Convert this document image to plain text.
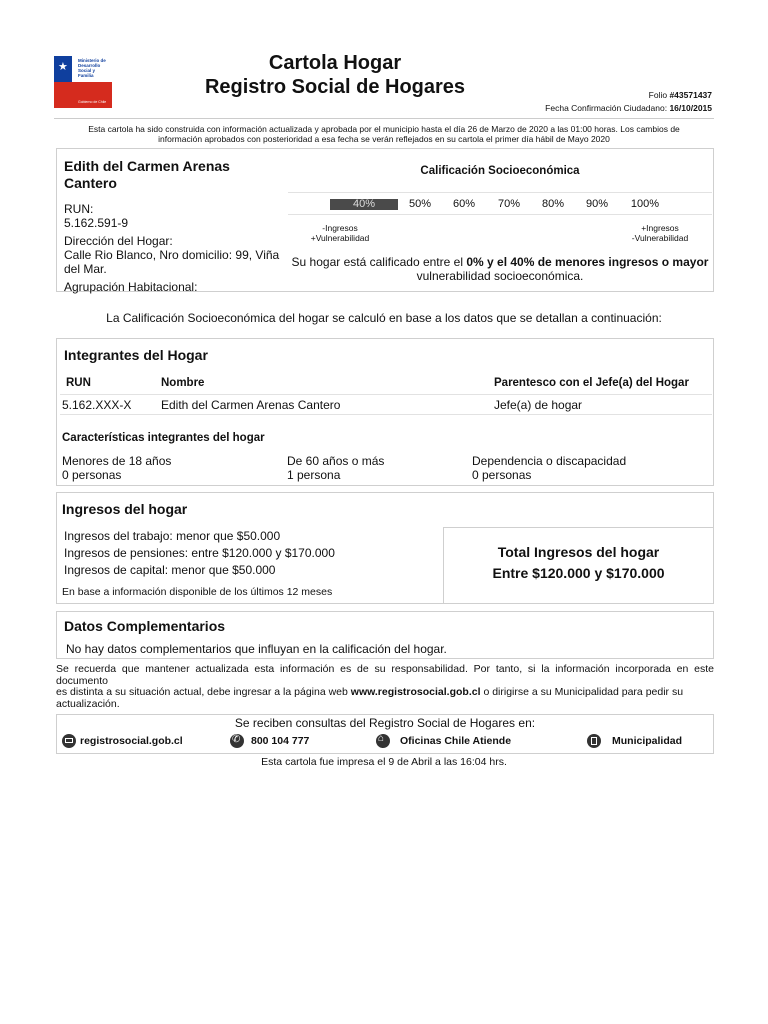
★
Ministerio de
Desarrollo
Social y
Familia
Gobierno de Chile
Cartola Hogar
Registro Social de Hogares	Folio #43571437
Fecha Confirmación Ciudadano: 16/10/2015
Esta cartola ha sido construida con información actualizada y aprobada por el municipio hasta el día 26 de Marzo de 2020 a las 01:00 horas. Los cambios de
información aprobados con posterioridad a esa fecha se verán reflejados en su cartola el primer día hábil de Mayo 2020
Edith del Carmen Arenas
Cantero
RUN:
5.162.591-9
Dirección del Hogar:
Calle Rio Blanco, Nro domicilio: 99, Viña
del Mar.
Agrupación Habitacional:
Calificación Socioeconómica
40%	50%	60%	70%	80%	90%	100%
-Ingresos
+Vulnerabilidad
+Ingresos
-Vulnerabilidad
Su hogar está calificado entre el 0% y el 40% de menores ingresos o mayor
vulnerabilidad socioeconómica.
La Calificación Socioeconómica del hogar se calculó en base a los datos que se detallan a continuación:
Integrantes del Hogar
RUN	Nombre	Parentesco con el Jefe(a) del Hogar
5.162.XXX-X Edith del Carmen Arenas Cantero	Jefe(a) de hogar
Características integrantes del hogar
Menores de 18 años
0 personas
De 60 años o más
1 persona
Dependencia o discapacidad
0 personas
Ingresos del hogar
Ingresos del trabajo: menor que $50.000
Ingresos de pensiones: entre $120.000 y $170.000
Ingresos de capital: menor que $50.000
En base a información disponible de los últimos 12 meses
Total Ingresos del hogar
Entre $120.000 y $170.000
Datos Complementarios
No hay datos complementarios que influyan en la calificación del hogar.
Se recuerda que mantener actualizada esta información es de su responsabilidad. Por tanto, si la información incorporada en este documento
es distinta a su situación actual, debe ingresar a la página web www.registrosocial.gob.cl o dirigirse a su Municipalidad para pedir su
actualización.
Se reciben consultas del Registro Social de Hogares en:
registrosocial.gob.cl	✆ 800 104 777	⌂ Oficinas Chile Atiende	Municipalidad
Esta cartola fue impresa el 9 de Abril a las 16:04 hrs.
